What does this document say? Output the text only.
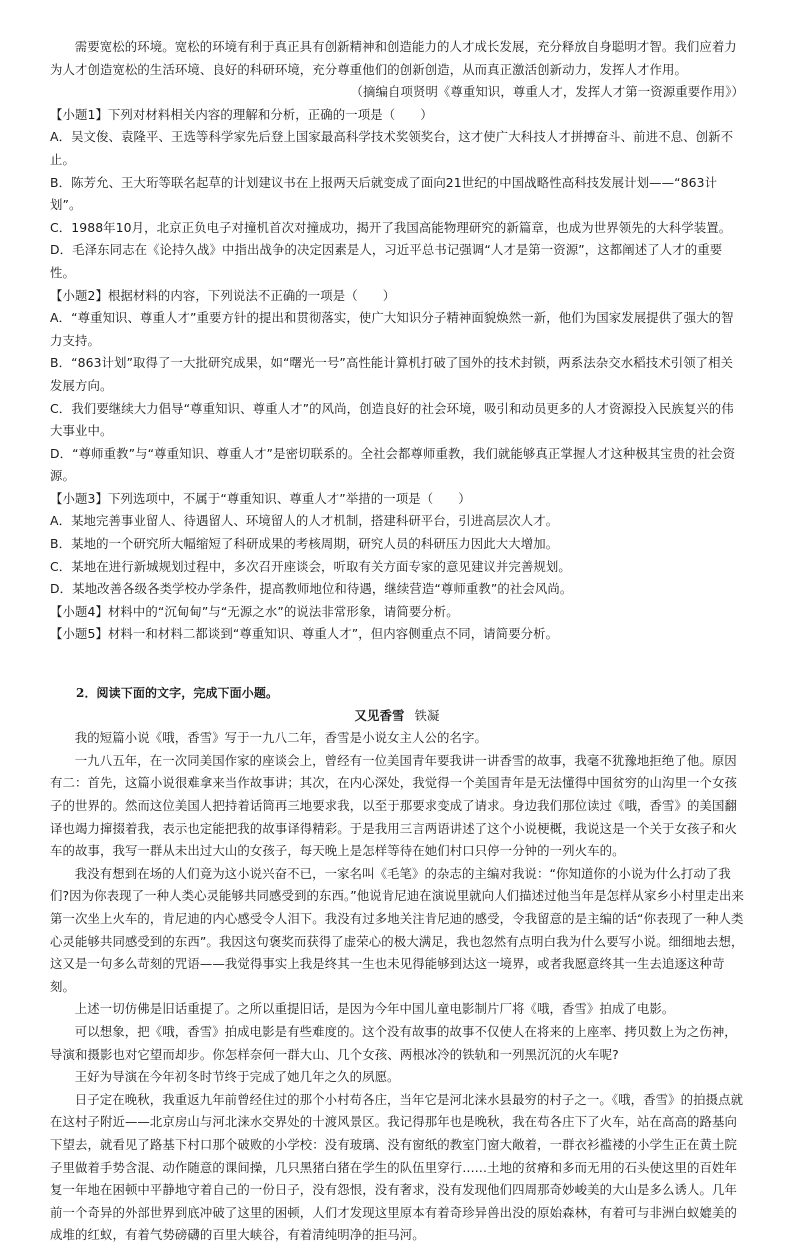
需要宽松的环境。宽松的环境有利于真正具有创新精神和创造能力的人才成长发展，充分释放自身聪明才智。我们应着力为人才创造宽松的生活环境、良好的科研环境，充分尊重他们的创新创造，从而真正激活创新动力，发挥人才作用。

（摘编自项贤明《尊重知识，尊重人才，发挥人才第一资源重要作用》）

【小题1】下列对材料相关内容的理解和分析，正确的一项是（　　）

A．吴文俊、袁隆平、王选等科学家先后登上国家最高科学技术奖领奖台，这才使广大科技人才拼搏奋斗、前进不息、创新不止。

B．陈芳允、王大珩等联名起草的计划建议书在上报两天后就变成了面向21世纪的中国战略性高科技发展计划——“863计划”。

C．1988年10月，北京正负电子对撞机首次对撞成功，揭开了我国高能物理研究的新篇章，也成为世界领先的大科学装置。

D．毛泽东同志在《论持久战》中指出战争的决定因素是人，习近平总书记强调“人才是第一资源”，这都阐述了人才的重要性。

【小题2】根据材料的内容，下列说法不正确的一项是（　　）

A．“尊重知识、尊重人才”重要方针的提出和贯彻落实，使广大知识分子精神面貌焕然一新，他们为国家发展提供了强大的智力支持。

B．“863计划”取得了一大批研究成果，如“曙光一号”高性能计算机打破了国外的技术封锁，两系法杂交水稻技术引领了相关发展方向。

C．我们要继续大力倡导“尊重知识、尊重人才”的风尚，创造良好的社会环境，吸引和动员更多的人才资源投入民族复兴的伟大事业中。

D．“尊师重教”与“尊重知识、尊重人才”是密切联系的。全社会都尊师重教，我们就能够真正掌握人才这种极其宝贵的社会资源。

【小题3】下列选项中，不属于“尊重知识、尊重人才”举措的一项是（　　）

A．某地完善事业留人、待遇留人、环境留人的人才机制，搭建科研平台，引进高层次人才。

B．某地的一个研究所大幅缩短了科研成果的考核周期，研究人员的科研压力因此大大增加。

C．某地在进行新城规划过程中，多次召开座谈会，听取有关方面专家的意见建议并完善规划。

D．某地改善各级各类学校办学条件，提高教师地位和待遇，继续营造“尊师重教”的社会风尚。

【小题4】材料中的“沉甸甸”与“无源之水”的说法非常形象，请简要分析。

【小题5】材料一和材料二都谈到“尊重知识、尊重人才”，但内容侧重点不同，请简要分析。

2．阅读下面的文字，完成下面小题。

又见香雪 铁凝

我的短篇小说《哦，香雪》写于一九八二年，香雪是小说女主人公的名字。

一九八五年，在一次同美国作家的座谈会上，曾经有一位美国青年要我讲一讲香雪的故事，我毫不犹豫地拒绝了他。原因有二：首先，这篇小说很难拿来当作故事讲；其次，在内心深处，我觉得一个美国青年是无法懂得中国贫穷的山沟里一个女孩子的世界的。然而这位美国人把持着话筒再三地要求我，以至于那要求变成了请求。身边我们那位读过《哦，香雪》的美国翻译也竭力撺掇着我，表示也定能把我的故事译得精彩。于是我用三言两语讲述了这个小说梗概，我说这是一个关于女孩子和火车的故事，我写一群从未出过大山的女孩子，每天晚上是怎样等待在她们村口只停一分钟的一列火车的。

我没有想到在场的人们竟为这小说兴奋不已，一家名叫《毛笔》的杂志的主编对我说：“你知道你的小说为什么打动了我们?因为你表现了一种人类心灵能够共同感受到的东西。”他说肯尼迪在演说里就向人们描述过他当年是怎样从家乡小村里走出来第一次坐上火车的，肯尼迪的内心感受令人泪下。我没有过多地关注肯尼迪的感受，令我留意的是主编的话“你表现了一种人类心灵能够共同感受到的东西”。我因这句褒奖而获得了虚荣心的极大满足，我也忽然有点明白我为什么要写小说。细细地去想，这又是一句多么苛刻的咒语——我觉得事实上我是终其一生也未见得能够到达这一境界，或者我愿意终其一生去追逐这种苛刻。

上述一切仿佛是旧话重提了。之所以重提旧话，是因为今年中国儿童电影制片厂将《哦，香雪》拍成了电影。

可以想象，把《哦，香雪》拍成电影是有些难度的。这个没有故事的故事不仅使人在将来的上座率、拷贝数上为之伤神，导演和摄影也对它望而却步。你怎样奈何一群大山、几个女孩、两根冰冷的铁轨和一列黑沉沉的火车呢?

王好为导演在今年初冬时节终于完成了她几年之久的夙愿。

日子定在晚秋，我重返九年前曾经住过的那个小村苟各庄，当年它是河北涞水县最穷的村子之一。《哦，香雪》的拍摄点就在这村子附近——北京房山与河北涞水交界处的十渡风景区。我记得那年也是晚秋，我在苟各庄下了火车，站在高高的路基向下望去，就看见了路基下村口那个破败的小学校：没有玻璃、没有窗纸的教室门窗大敞着，一群衣衫褴褛的小学生正在黄土院子里做着手势含混、动作随意的课间操，几只黑猪白猪在学生的队伍里穿行……土地的贫瘠和多而无用的石头使这里的百姓年复一年地在困顿中平静地守着自己的一份日子，没有怨恨，没有奢求，没有发现他们四周那奇妙峻美的大山是多么诱人。几年前一个奇异的外部世界到底冲破了这里的困顿，人们才发现这里原本有着奇珍异兽出没的原始森林，有着可与非洲白蚁媲美的成堆的红蚁，有着气势磅礴的百里大峡谷，有着清纯明净的拒马河。
